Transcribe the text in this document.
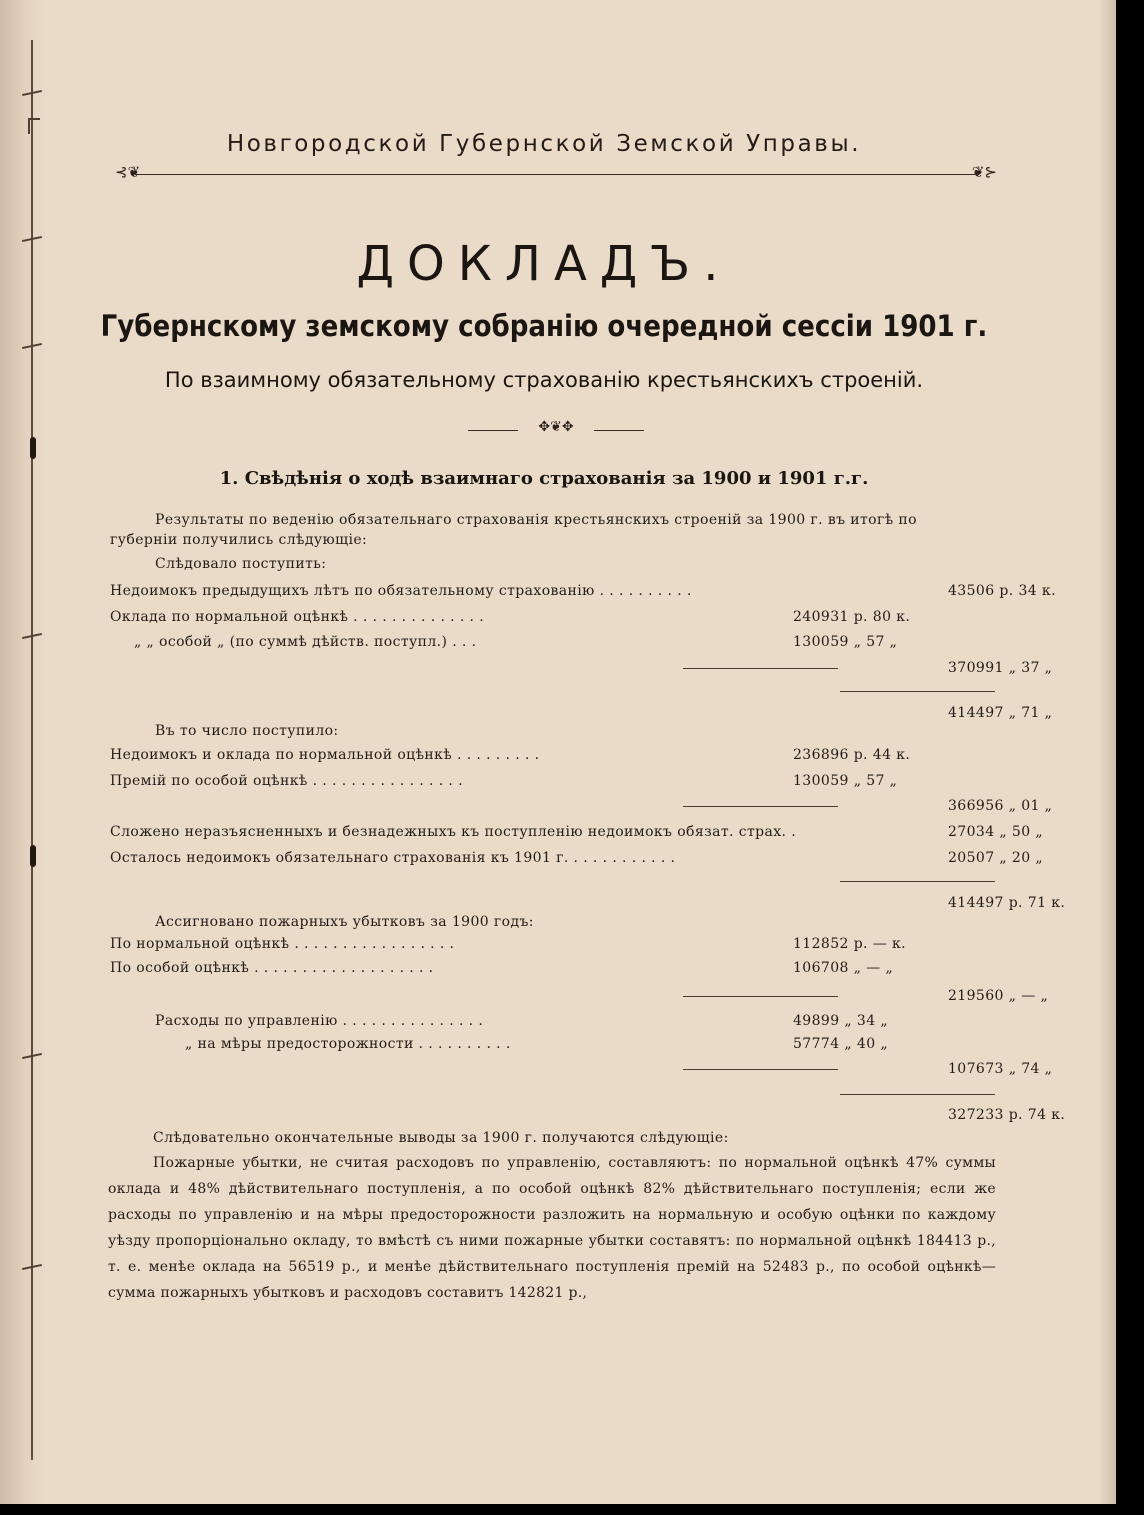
Новгородской Губернской Земской Управы.
⊰❦	❦⊱
ДОКЛАДЪ.
Губернскому земскому собранію очередной сессіи 1901 г.
По взаимному обязательному страхованію крестьянскихъ строеній.
✥❦✥
1. Свѣдѣнія о ходѣ взаимнаго страхованія за 1900 и 1901 г.г.
Результаты по веденію обязательнаго страхованія крестьянскихъ строеній за 1900 г. въ итогѣ по
губерніи получились слѣдующіе:
Слѣдовало поступить:
Недоимокъ предыдущихъ лѣтъ по обязательному страхованію . . . . . . . . . .	43506 р. 34 к.
Оклада по нормальной оцѣнкѣ . . . . . . . . . . . . . .	240931 р. 80 к.
„ „ особой „ (по суммѣ дѣйств. поступл.) . . .	130059 „ 57 „
370991 „ 37 „
414497 „ 71 „
Въ то число поступило:
Недоимокъ и оклада по нормальной оцѣнкѣ . . . . . . . . .	236896 р. 44 к.
Премій по особой оцѣнкѣ . . . . . . . . . . . . . . . .	130059 „ 57 „
366956 „ 01 „
Сложено неразъясненныхъ и безнадежныхъ къ поступленію недоимокъ обязат. страх. .	27034 „ 50 „
Осталось недоимокъ обязательнаго страхованія къ 1901 г. . . . . . . . . . . .	20507 „ 20 „
414497 р. 71 к.
Ассигновано пожарныхъ убытковъ за 1900 годъ:
По нормальной оцѣнкѣ . . . . . . . . . . . . . . . . .	112852 р. — к.
По особой оцѣнкѣ . . . . . . . . . . . . . . . . . . .	106708 „ — „
219560 „ — „
Расходы по управленію . . . . . . . . . . . . . . .	49899 „ 34 „
„ на мѣры предосторожности . . . . . . . . . .	57774 „ 40 „
107673 „ 74 „
327233 р. 74 к.
Слѣдовательно окончательные выводы за 1900 г. получаются слѣдующіе:
Пожарные убытки, не считая расходовъ по управленію, составляютъ: по нормальной оцѣнкѣ 47% суммы оклада и 48% дѣйствительнаго поступленія, а по особой оцѣнкѣ 82% дѣйствительнаго поступленія; если же расходы по управленію и на мѣры предосторожности разложить на нормальную и особую оцѣнки по каждому уѣзду пропорціонально окладу, то вмѣстѣ съ ними пожарные убытки составятъ: по нормальной оцѣнкѣ 184413 р., т. е. менѣе оклада на 56519 р., и менѣе дѣйствительнаго поступленія премій на 52483 р., по особой оцѣнкѣ—сумма пожарныхъ убытковъ и расходовъ составитъ 142821 р.,
